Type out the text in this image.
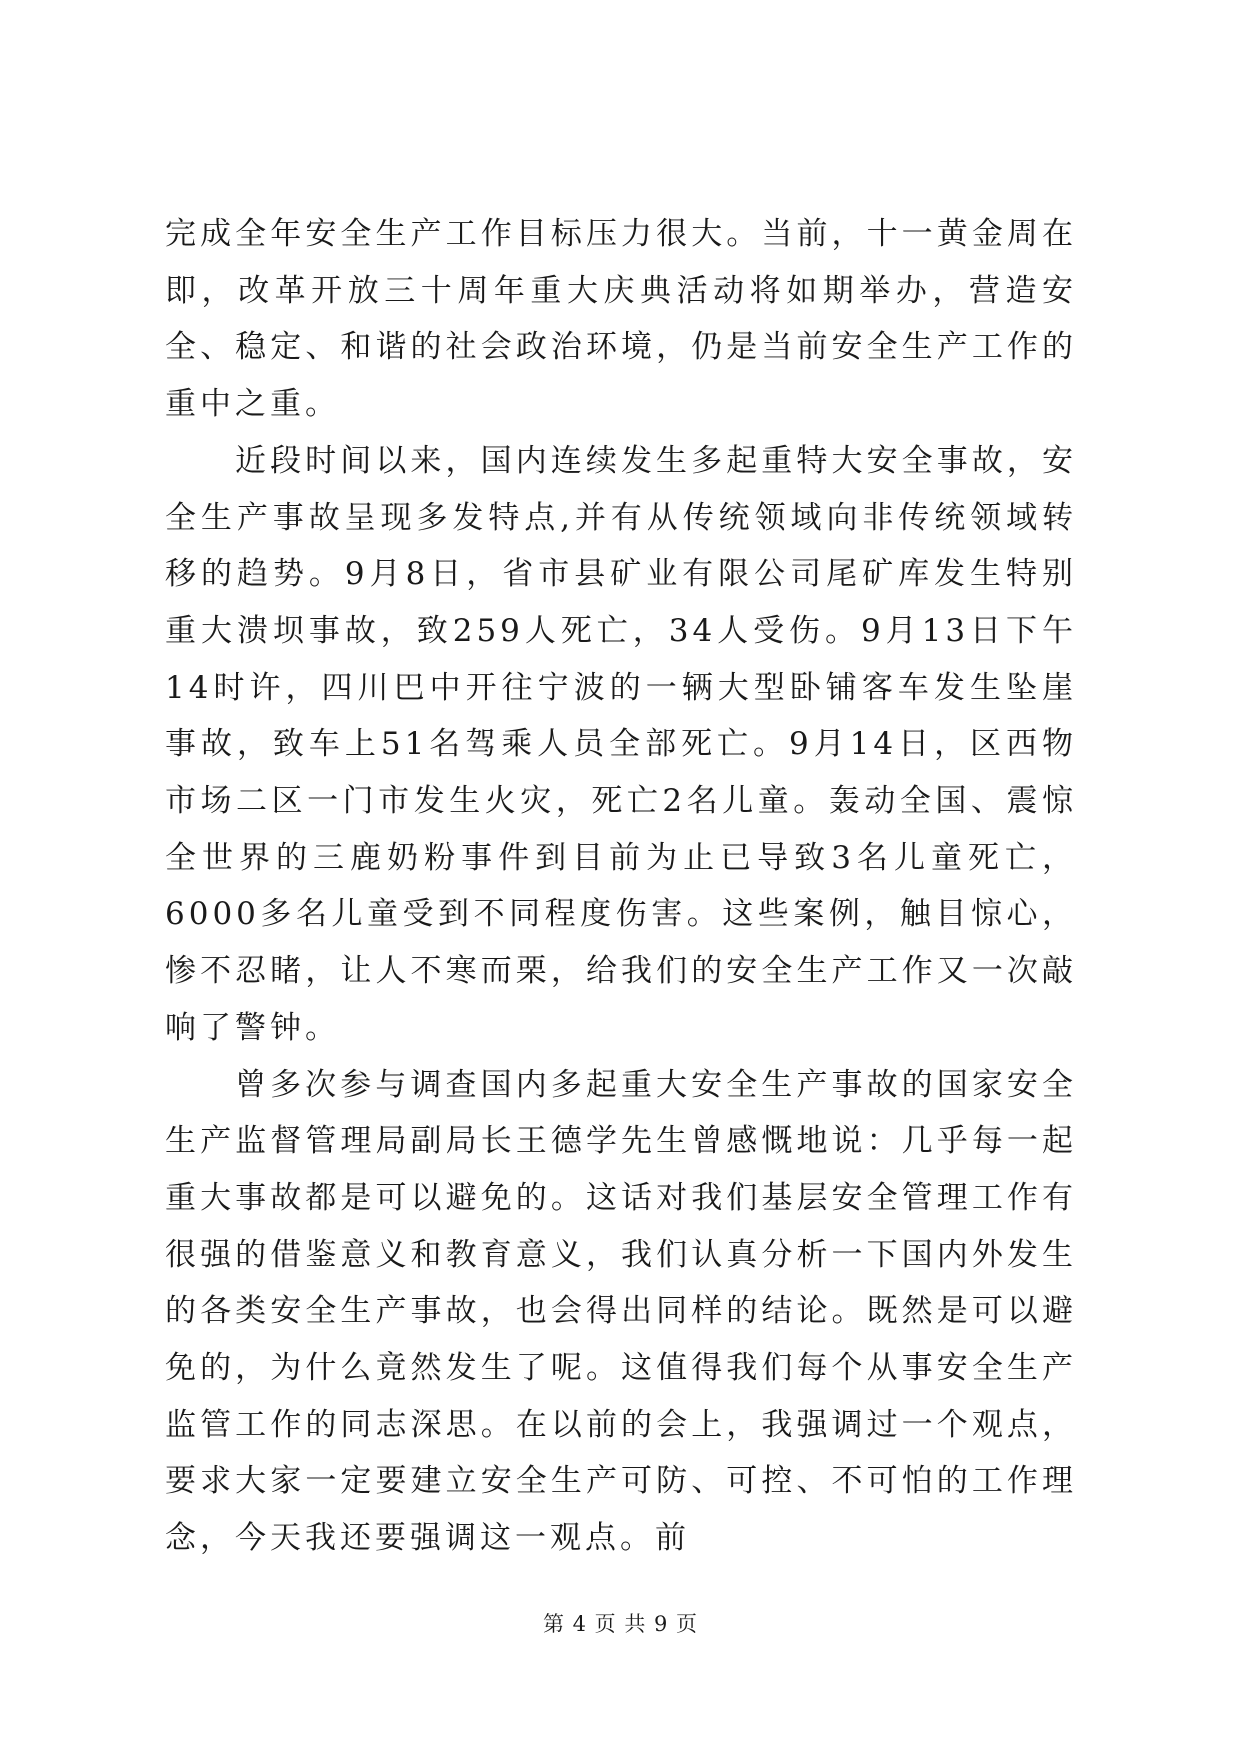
完成全年安全生产工作目标压力很大。当前，十一黄金周在即，改革开放三十周年重大庆典活动将如期举办，营造安全、稳定、和谐的社会政治环境，仍是当前安全生产工作的重中之重。

近段时间以来，国内连续发生多起重特大安全事故，安全生产事故呈现多发特点,并有从传统领域向非传统领域转移的趋势。9月8日，省市县矿业有限公司尾矿库发生特别重大溃坝事故，致259人死亡，34人受伤。9月13日下午14时许，四川巴中开往宁波的一辆大型卧铺客车发生坠崖事故，致车上51名驾乘人员全部死亡。9月14日，区西物市场二区一门市发生火灾，死亡2名儿童。轰动全国、震惊全世界的三鹿奶粉事件到目前为止已导致3名儿童死亡，6000多名儿童受到不同程度伤害。这些案例，触目惊心，惨不忍睹，让人不寒而栗，给我们的安全生产工作又一次敲响了警钟。

曾多次参与调查国内多起重大安全生产事故的国家安全生产监督管理局副局长王德学先生曾感慨地说：几乎每一起重大事故都是可以避免的。这话对我们基层安全管理工作有很强的借鉴意义和教育意义，我们认真分析一下国内外发生的各类安全生产事故，也会得出同样的结论。既然是可以避免的，为什么竟然发生了呢。这值得我们每个从事安全生产监管工作的同志深思。在以前的会上，我强调过一个观点，要求大家一定要建立安全生产可防、可控、不可怕的工作理念，今天我还要强调这一观点。前

第 4 页 共 9 页
